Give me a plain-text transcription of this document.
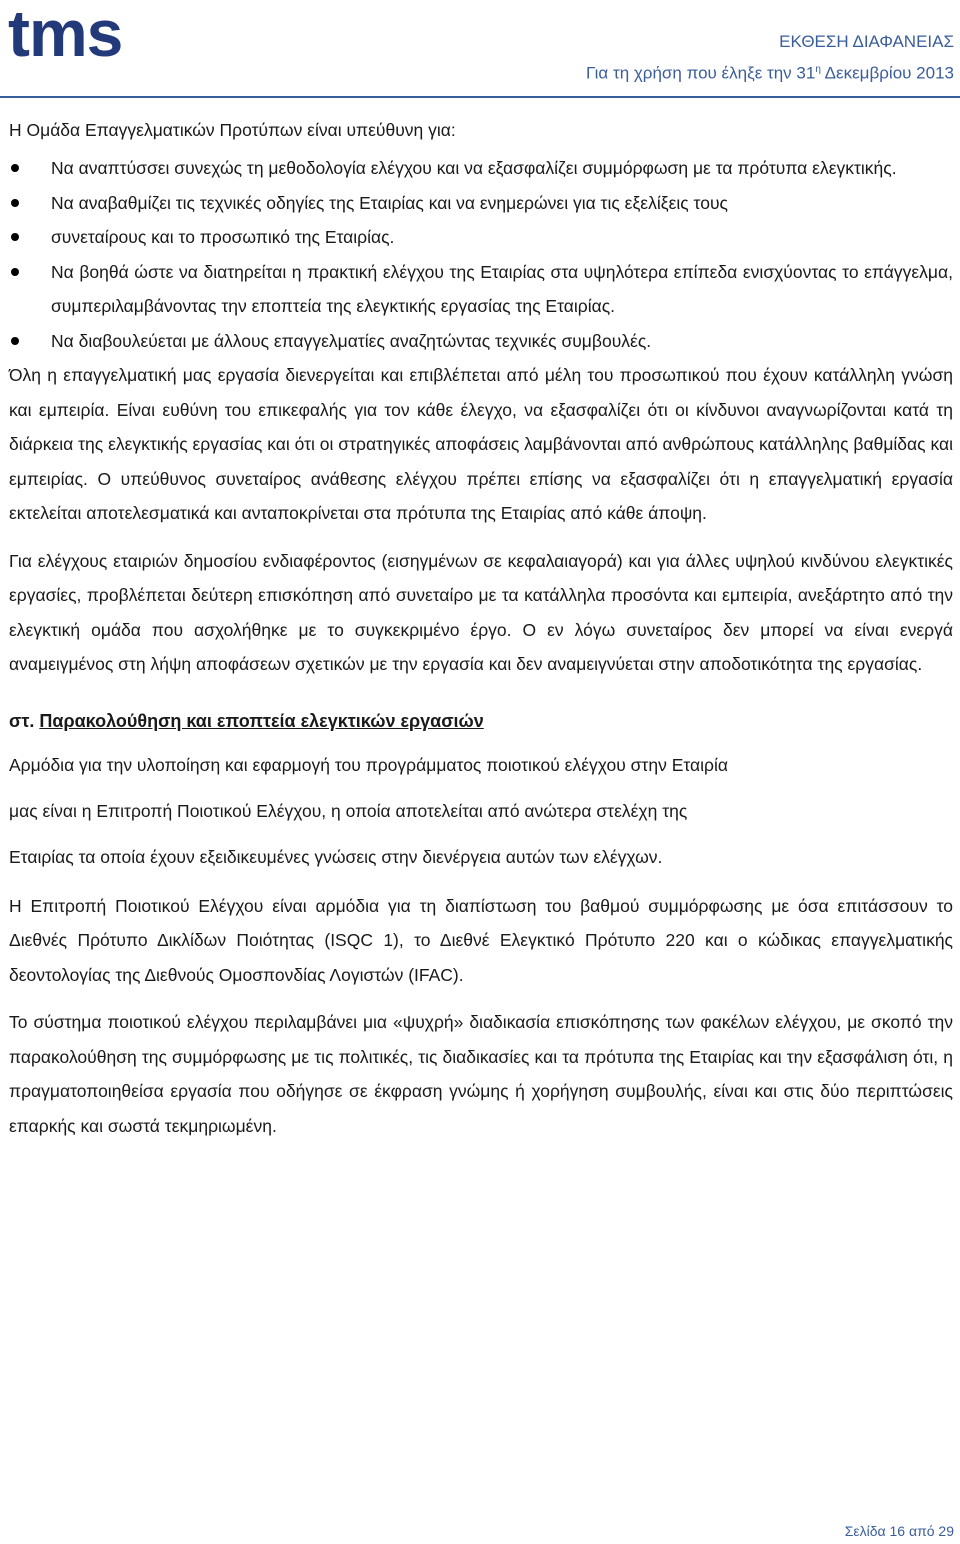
tms	ΕΚΘΕΣΗ ΔΙΑΦΑΝΕΙΑΣ
Για τη χρήση που έληξε την $31^\eta$ Δεκεμβρίου 2013

Η Ομάδα Επαγγελματικών Προτύπων είναι υπεύθυνη για:

Να αναπτύσσει συνεχώς τη μεθοδολογία ελέγχου και να εξασφαλίζει συμμόρφωση με τα πρότυπα ελεγκτικής.
Να αναβαθμίζει τις τεχνικές οδηγίες της Εταιρίας και να ενημερώνει για τις εξελίξεις τους
συνεταίρους και το προσωπικό της Εταιρίας.
Να βοηθά ώστε να διατηρείται η πρακτική ελέγχου της Εταιρίας στα υψηλότερα επίπεδα ενισχύοντας το επάγγελμα, συμπεριλαμβάνοντας την εποπτεία της ελεγκτικής εργασίας της Εταιρίας.
Να διαβουλεύεται με άλλους επαγγελματίες αναζητώντας τεχνικές συμβουλές.

Όλη η επαγγελματική μας εργασία διενεργείται και επιβλέπεται από μέλη του προσωπικού που έχουν κατάλληλη γνώση και εμπειρία. Είναι ευθύνη του επικεφαλής για τον κάθε έλεγχο, να εξασφαλίζει ότι οι κίνδυνοι αναγνωρίζονται κατά τη διάρκεια της ελεγκτικής εργασίας και ότι οι στρατηγικές αποφάσεις λαμβάνονται από ανθρώπους κατάλληλης βαθμίδας και εμπειρίας. Ο υπεύθυνος συνεταίρος ανάθεσης ελέγχου πρέπει επίσης να εξασφαλίζει ότι η επαγγελματική εργασία εκτελείται αποτελεσματικά και ανταποκρίνεται στα πρότυπα της Εταιρίας από κάθε άποψη.

Για ελέγχους εταιριών δημοσίου ενδιαφέροντος (εισηγμένων σε κεφαλαιαγορά) και για άλλες υψηλού κινδύνου ελεγκτικές εργασίες, προβλέπεται δεύτερη επισκόπηση από συνεταίρο με τα κατάλληλα προσόντα και εμπειρία, ανεξάρτητο από την ελεγκτική ομάδα που ασχολήθηκε με το συγκεκριμένο έργο. Ο εν λόγω συνεταίρος δεν μπορεί να είναι ενεργά αναμειγμένος στη λήψη αποφάσεων σχετικών με την εργασία και δεν αναμειγνύεται στην αποδοτικότητα της εργασίας.

στ. Παρακολούθηση και εποπτεία ελεγκτικών εργασιών

Αρμόδια για την υλοποίηση και εφαρμογή του προγράμματος ποιοτικού ελέγχου στην Εταιρία

μας είναι η Επιτροπή Ποιοτικού Ελέγχου, η οποία αποτελείται από ανώτερα στελέχη της

Εταιρίας τα οποία έχουν εξειδικευμένες γνώσεις στην διενέργεια αυτών των ελέγχων.

Η Επιτροπή Ποιοτικού Ελέγχου είναι αρμόδια για τη διαπίστωση του βαθμού συμμόρφωσης με όσα επιτάσσουν το Διεθνές Πρότυπο Δικλίδων Ποιότητας (ISQC 1), το Διεθνέ Ελεγκτικό Πρότυπο 220 και ο κώδικας επαγγελματικής δεοντολογίας της Διεθνούς Ομοσπονδίας Λογιστών (IFAC).

Το σύστημα ποιοτικού ελέγχου περιλαμβάνει μια «ψυχρή» διαδικασία επισκόπησης των φακέλων ελέγχου, με σκοπό την παρακολούθηση της συμμόρφωσης με τις πολιτικές, τις διαδικασίες και τα πρότυπα της Εταιρίας και την εξασφάλιση ότι, η πραγματοποιηθείσα εργασία που οδήγησε σε έκφραση γνώμης ή χορήγηση συμβουλής, είναι και στις δύο περιπτώσεις επαρκής και σωστά τεκμηριωμένη.

Σελίδα 16 από 29
